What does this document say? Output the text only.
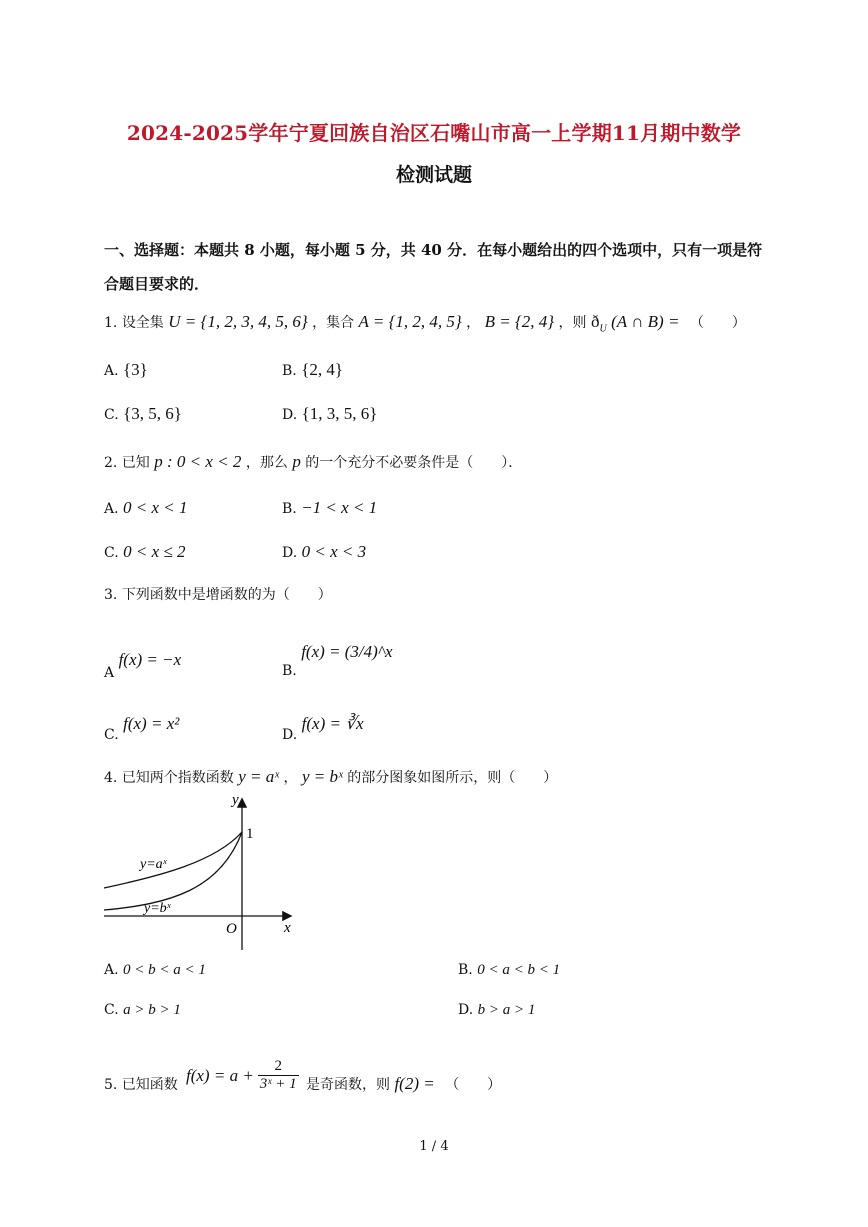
2024-2025学年宁夏回族自治区石嘴山市高一上学期11月期中数学
检测试题
一、选择题：本题共 8 小题，每小题 5 分，共 40 分．在每小题给出的四个选项中，只有一项是符
合题目要求的．
1. 设全集 U = {1, 2, 3, 4, 5, 6} ，集合 A = {1, 2, 4, 5} ， B = {2, 4} ，则 $ð_U$ (A ∩ B) = （　　）
A. {3}	B. {2, 4}
C. {3, 5, 6}	D. {1, 3, 5, 6}
2. 已知 p : 0 < x < 2 ，那么 p 的一个充分不必要条件是（　　）．
A. 0 < x < 1	B. −1 < x < 1
C. 0 < x ≤ 2	D. 0 < x < 3
3. 下列函数中是增函数的为（　　）
A f(x) = −x
B. f(x) = (3/4)^x
C. f(x) = x²
D. f(x) = ∛x
4. 已知两个指数函数 y = aˣ ， y = bˣ 的部分图象如图所示，则（　　）
y
x
O
1
y=aˣ
y=bˣ
A. 0 < b < a < 1	B. 0 < a < b < 1
C. a > b > 1	D. b > a > 1
5. 已知函数
$f(x) = a + \frac{2}{\text{3ˣ + 1}}$ 是奇函数，则 f(2) = （　　）
1 / 4
